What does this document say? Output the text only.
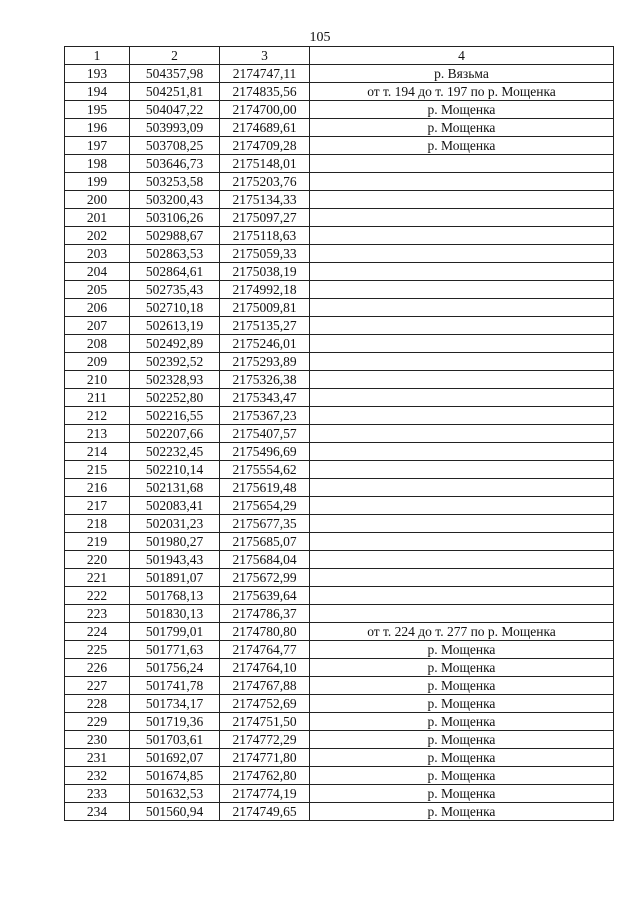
105
1	2	3	4
193	504357,98	2174747,11	р. Вязьма
194	504251,81	2174835,56	от т. 194 до т. 197 по р. Мощенка
195	504047,22	2174700,00	р. Мощенка
196	503993,09	2174689,61	р. Мощенка
197	503708,25	2174709,28	р. Мощенка
198	503646,73	2175148,01	
199	503253,58	2175203,76	
200	503200,43	2175134,33	
201	503106,26	2175097,27	
202	502988,67	2175118,63	
203	502863,53	2175059,33	
204	502864,61	2175038,19	
205	502735,43	2174992,18	
206	502710,18	2175009,81	
207	502613,19	2175135,27	
208	502492,89	2175246,01	
209	502392,52	2175293,89	
210	502328,93	2175326,38	
211	502252,80	2175343,47	
212	502216,55	2175367,23	
213	502207,66	2175407,57	
214	502232,45	2175496,69	
215	502210,14	2175554,62	
216	502131,68	2175619,48	
217	502083,41	2175654,29	
218	502031,23	2175677,35	
219	501980,27	2175685,07	
220	501943,43	2175684,04	
221	501891,07	2175672,99	
222	501768,13	2175639,64	
223	501830,13	2174786,37	
224	501799,01	2174780,80	от т. 224 до т. 277 по р. Мощенка
225	501771,63	2174764,77	р. Мощенка
226	501756,24	2174764,10	р. Мощенка
227	501741,78	2174767,88	р. Мощенка
228	501734,17	2174752,69	р. Мощенка
229	501719,36	2174751,50	р. Мощенка
230	501703,61	2174772,29	р. Мощенка
231	501692,07	2174771,80	р. Мощенка
232	501674,85	2174762,80	р. Мощенка
233	501632,53	2174774,19	р. Мощенка
234	501560,94	2174749,65	р. Мощенка
